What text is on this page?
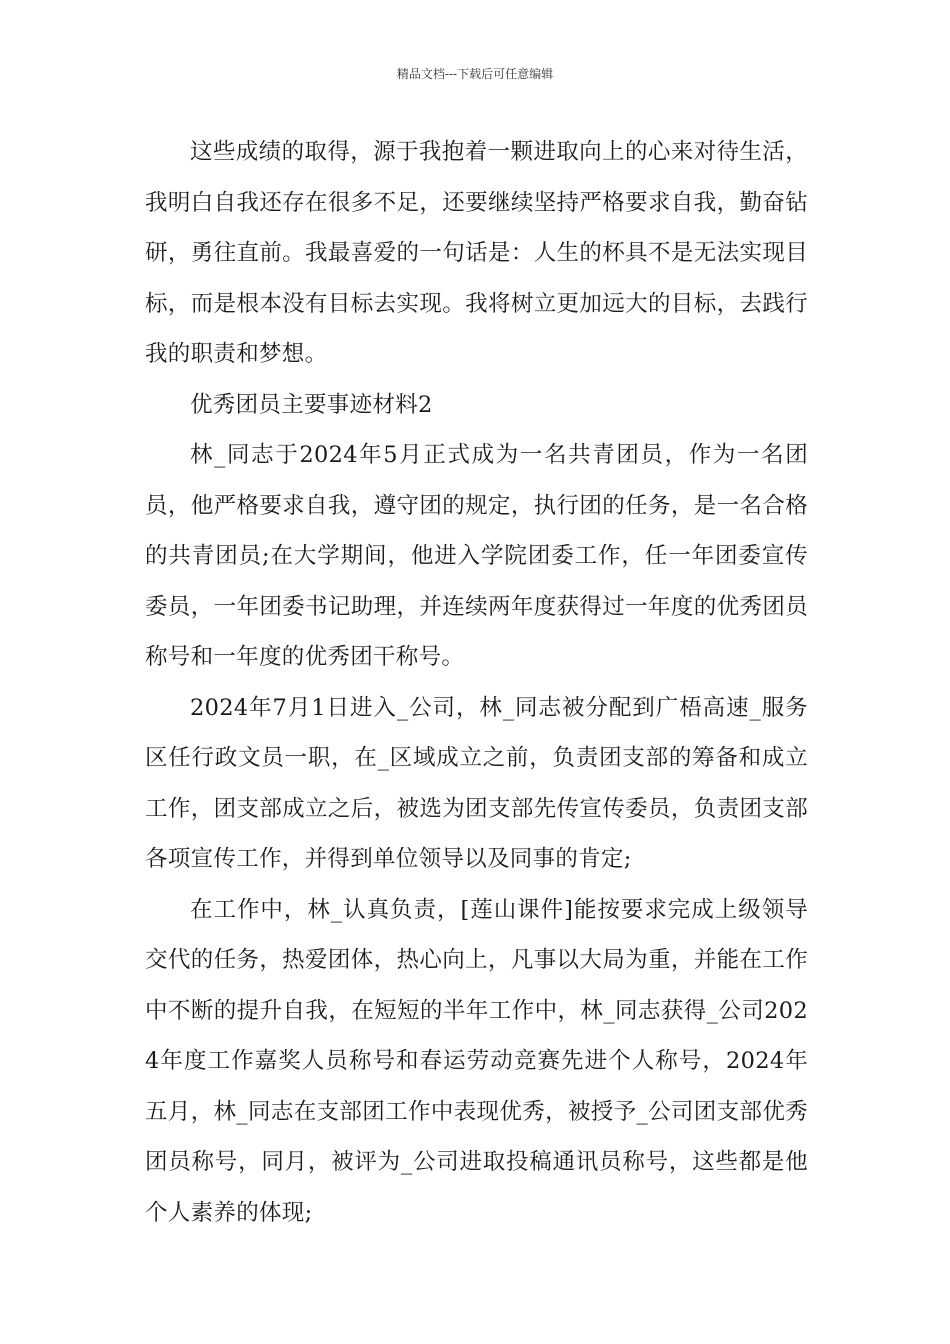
精品文档---下载后可任意编辑

这些成绩的取得，源于我抱着一颗进取向上的心来对待生活，我明白自我还存在很多不足，还要继续坚持严格要求自我，勤奋钻研，勇往直前。我最喜爱的一句话是：人生的杯具不是无法实现目标，而是根本没有目标去实现。我将树立更加远大的目标，去践行我的职责和梦想。

优秀团员主要事迹材料2

林_同志于2024年5月正式成为一名共青团员，作为一名团员，他严格要求自我，遵守团的规定，执行团的任务，是一名合格的共青团员;在大学期间，他进入学院团委工作，任一年团委宣传委员，一年团委书记助理，并连续两年度获得过一年度的优秀团员称号和一年度的优秀团干称号。

2024年7月1日进入_公司，林_同志被分配到广梧高速_服务区任行政文员一职，在_区域成立之前，负责团支部的筹备和成立工作，团支部成立之后，被选为团支部先传宣传委员，负责团支部各项宣传工作，并得到单位领导以及同事的肯定;

在工作中，林_认真负责，[莲山课件]能按要求完成上级领导交代的任务，热爱团体，热心向上，凡事以大局为重，并能在工作中不断的提升自我，在短短的半年工作中，林_同志获得_公司2024年度工作嘉奖人员称号和春运劳动竞赛先进个人称号，2024年五月，林_同志在支部团工作中表现优秀，被授予_公司团支部优秀团员称号，同月，被评为_公司进取投稿通讯员称号，这些都是他个人素养的体现;
